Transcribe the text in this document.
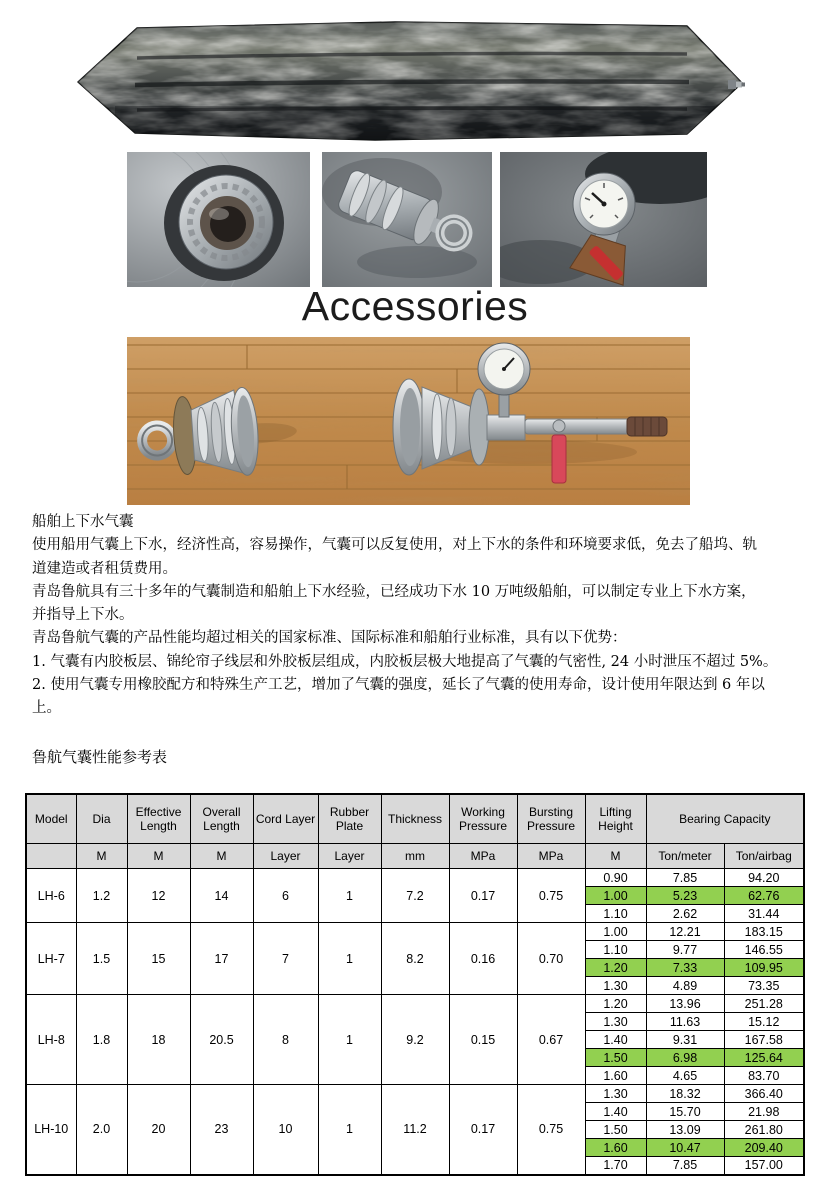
Accessories
船舶上下水气囊
使用船用气囊上下水，经济性高，容易操作，气囊可以反复使用，对上下水的条件和环境要求低，免去了船坞、轨
道建造或者租赁费用。
青岛鲁航具有三十多年的气囊制造和船舶上下水经验，已经成功下水 10 万吨级船舶，可以制定专业上下水方案，
并指导上下水。
青岛鲁航气囊的产品性能均超过相关的国家标准、国际标准和船舶行业标准，具有以下优势：
1. 气囊有内胶板层、锦纶帘子线层和外胶板层组成，内胶板层极大地提高了气囊的气密性, 24 小时泄压不超过 5%。
2. 使用气囊专用橡胶配方和特殊生产工艺，增加了气囊的强度，延长了气囊的使用寿命，设计使用年限达到 6 年以
上。
鲁航气囊性能参考表
Model	Dia	Effective Length	Overall Length	Cord Layer	Rubber Plate	Thickness	Working Pressure	Bursting Pressure	Lifting Height	Bearing Capacity	
	M	M	M	Layer	Layer	mm	MPa	MPa	M	Ton/meter	Ton/airbag
LH-6	1.2	12	14	6	1	7.2	0.17	0.75	0.90	7.85	94.20
									1.00	5.23	62.76
									1.10	2.62	31.44
LH-7	1.5	15	17	7	1	8.2	0.16	0.70	1.00	12.21	183.15
									1.10	9.77	146.55
									1.20	7.33	109.95
									1.30	4.89	73.35
LH-8	1.8	18	20.5	8	1	9.2	0.15	0.67	1.20	13.96	251.28
									1.30	11.63	15.12
									1.40	9.31	167.58
									1.50	6.98	125.64
									1.60	4.65	83.70
LH-10	2.0	20	23	10	1	11.2	0.17	0.75	1.30	18.32	366.40
									1.40	15.70	21.98
									1.50	13.09	261.80
									1.60	10.47	209.40
									1.70	7.85	157.00
